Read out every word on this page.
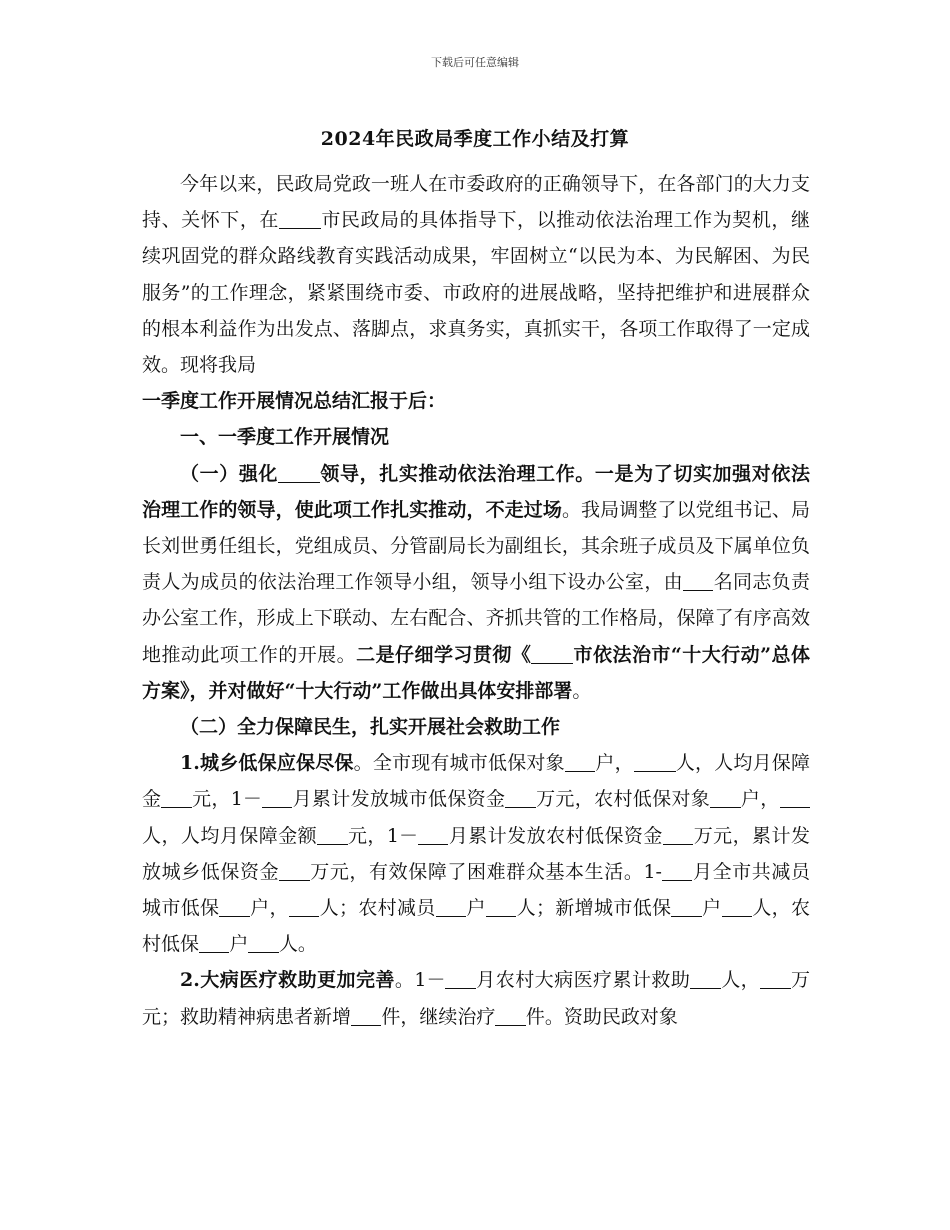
下载后可任意编辑
2024年民政局季度工作小结及打算

今年以来，民政局党政一班人在市委政府的正确领导下，在各部门的大力支持、关怀下，在 市民政局的具体指导下，以推动依法治理工作为契机，继续巩固党的群众路线教育实践活动成果，牢固树立“以民为本、为民解困、为民服务”的工作理念，紧紧围绕市委、市政府的进展战略，坚持把维护和进展群众的根本利益作为出发点、落脚点，求真务实，真抓实干，各项工作取得了一定成效。现将我局

一季度工作开展情况总结汇报于后：

一、一季度工作开展情况

（一）强化 领导，扎实推动依法治理工作。一是为了切实加强对依法治理工作的领导，使此项工作扎实推动，不走过场。我局调整了以党组书记、局长刘世勇任组长，党组成员、分管副局长为副组长，其余班子成员及下属单位负责人为成员的依法治理工作领导小组，领导小组下设办公室，由 名同志负责办公室工作，形成上下联动、左右配合、齐抓共管的工作格局，保障了有序高效地推动此项工作的开展。二是仔细学习贯彻《 市依法治市“十大行动”总体方案》，并对做好“十大行动”工作做出具体安排部署。

（二）全力保障民生，扎实开展社会救助工作

1.城乡低保应保尽保。全市现有城市低保对象 户， 人，人均月保障金 元，1－ 月累计发放城市低保资金 万元，农村低保对象 户，人，人均月保障金额 元，1－ 月累计发放农村低保资金 万元，累计发放城乡低保资金 万元，有效保障了困难群众基本生活。1- 月全市共减员城市低保 户， 人；农村减员 户 人；新增城市低保 户 人，农村低保 户 人。

2.大病医疗救助更加完善。1－ 月农村大病医疗累计救助 人， 万元；救助精神病患者新增 件，继续治疗 件。资助民政对象
